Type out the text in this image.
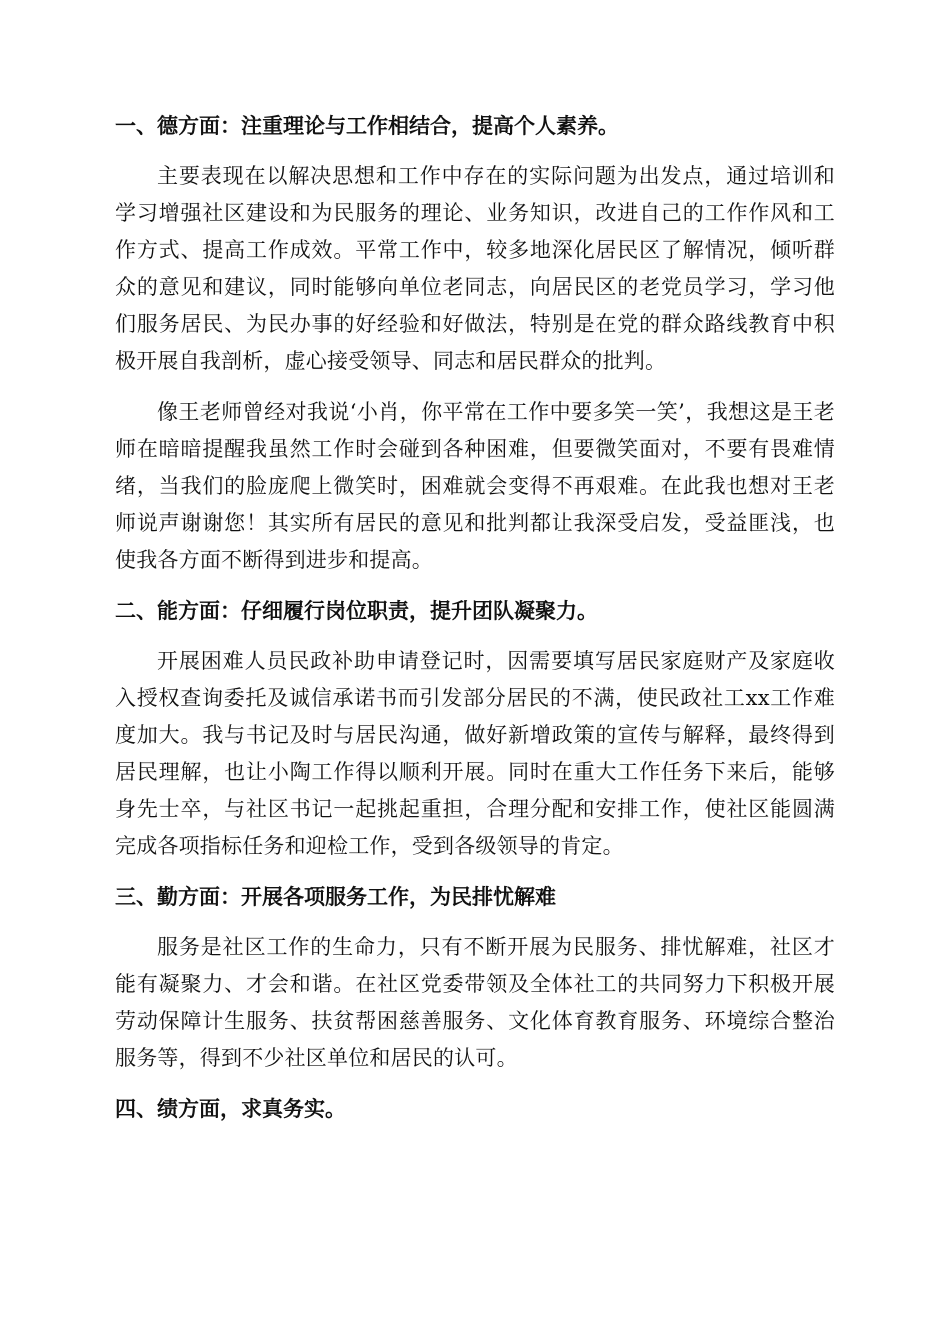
一、德方面：注重理论与工作相结合，提高个人素养。

主要表现在以解决思想和工作中存在的实际问题为出发点，通过培训和学习增强社区建设和为民服务的理论、业务知识，改进自己的工作作风和工作方式、提高工作成效。平常工作中，较多地深化居民区了解情况，倾听群众的意见和建议，同时能够向单位老同志，向居民区的老党员学习，学习他们服务居民、为民办事的好经验和好做法，特别是在党的群众路线教育中积极开展自我剖析，虚心接受领导、同志和居民群众的批判。

像王老师曾经对我说‘小肖，你平常在工作中要多笑一笑’，我想这是王老师在暗暗提醒我虽然工作时会碰到各种困难，但要微笑面对，不要有畏难情绪，当我们的脸庞爬上微笑时，困难就会变得不再艰难。在此我也想对王老师说声谢谢您！其实所有居民的意见和批判都让我深受启发，受益匪浅，也使我各方面不断得到进步和提高。

二、能方面：仔细履行岗位职责，提升团队凝聚力。

开展困难人员民政补助申请登记时，因需要填写居民家庭财产及家庭收入授权查询委托及诚信承诺书而引发部分居民的不满，使民政社工xx工作难度加大。我与书记及时与居民沟通，做好新增政策的宣传与解释，最终得到居民理解，也让小陶工作得以顺利开展。同时在重大工作任务下来后，能够身先士卒，与社区书记一起挑起重担，合理分配和安排工作，使社区能圆满完成各项指标任务和迎检工作，受到各级领导的肯定。

三、勤方面：开展各项服务工作，为民排忧解难

服务是社区工作的生命力，只有不断开展为民服务、排忧解难，社区才能有凝聚力、才会和谐。在社区党委带领及全体社工的共同努力下积极开展劳动保障计生服务、扶贫帮困慈善服务、文化体育教育服务、环境综合整治服务等，得到不少社区单位和居民的认可。

四、绩方面，求真务实。
